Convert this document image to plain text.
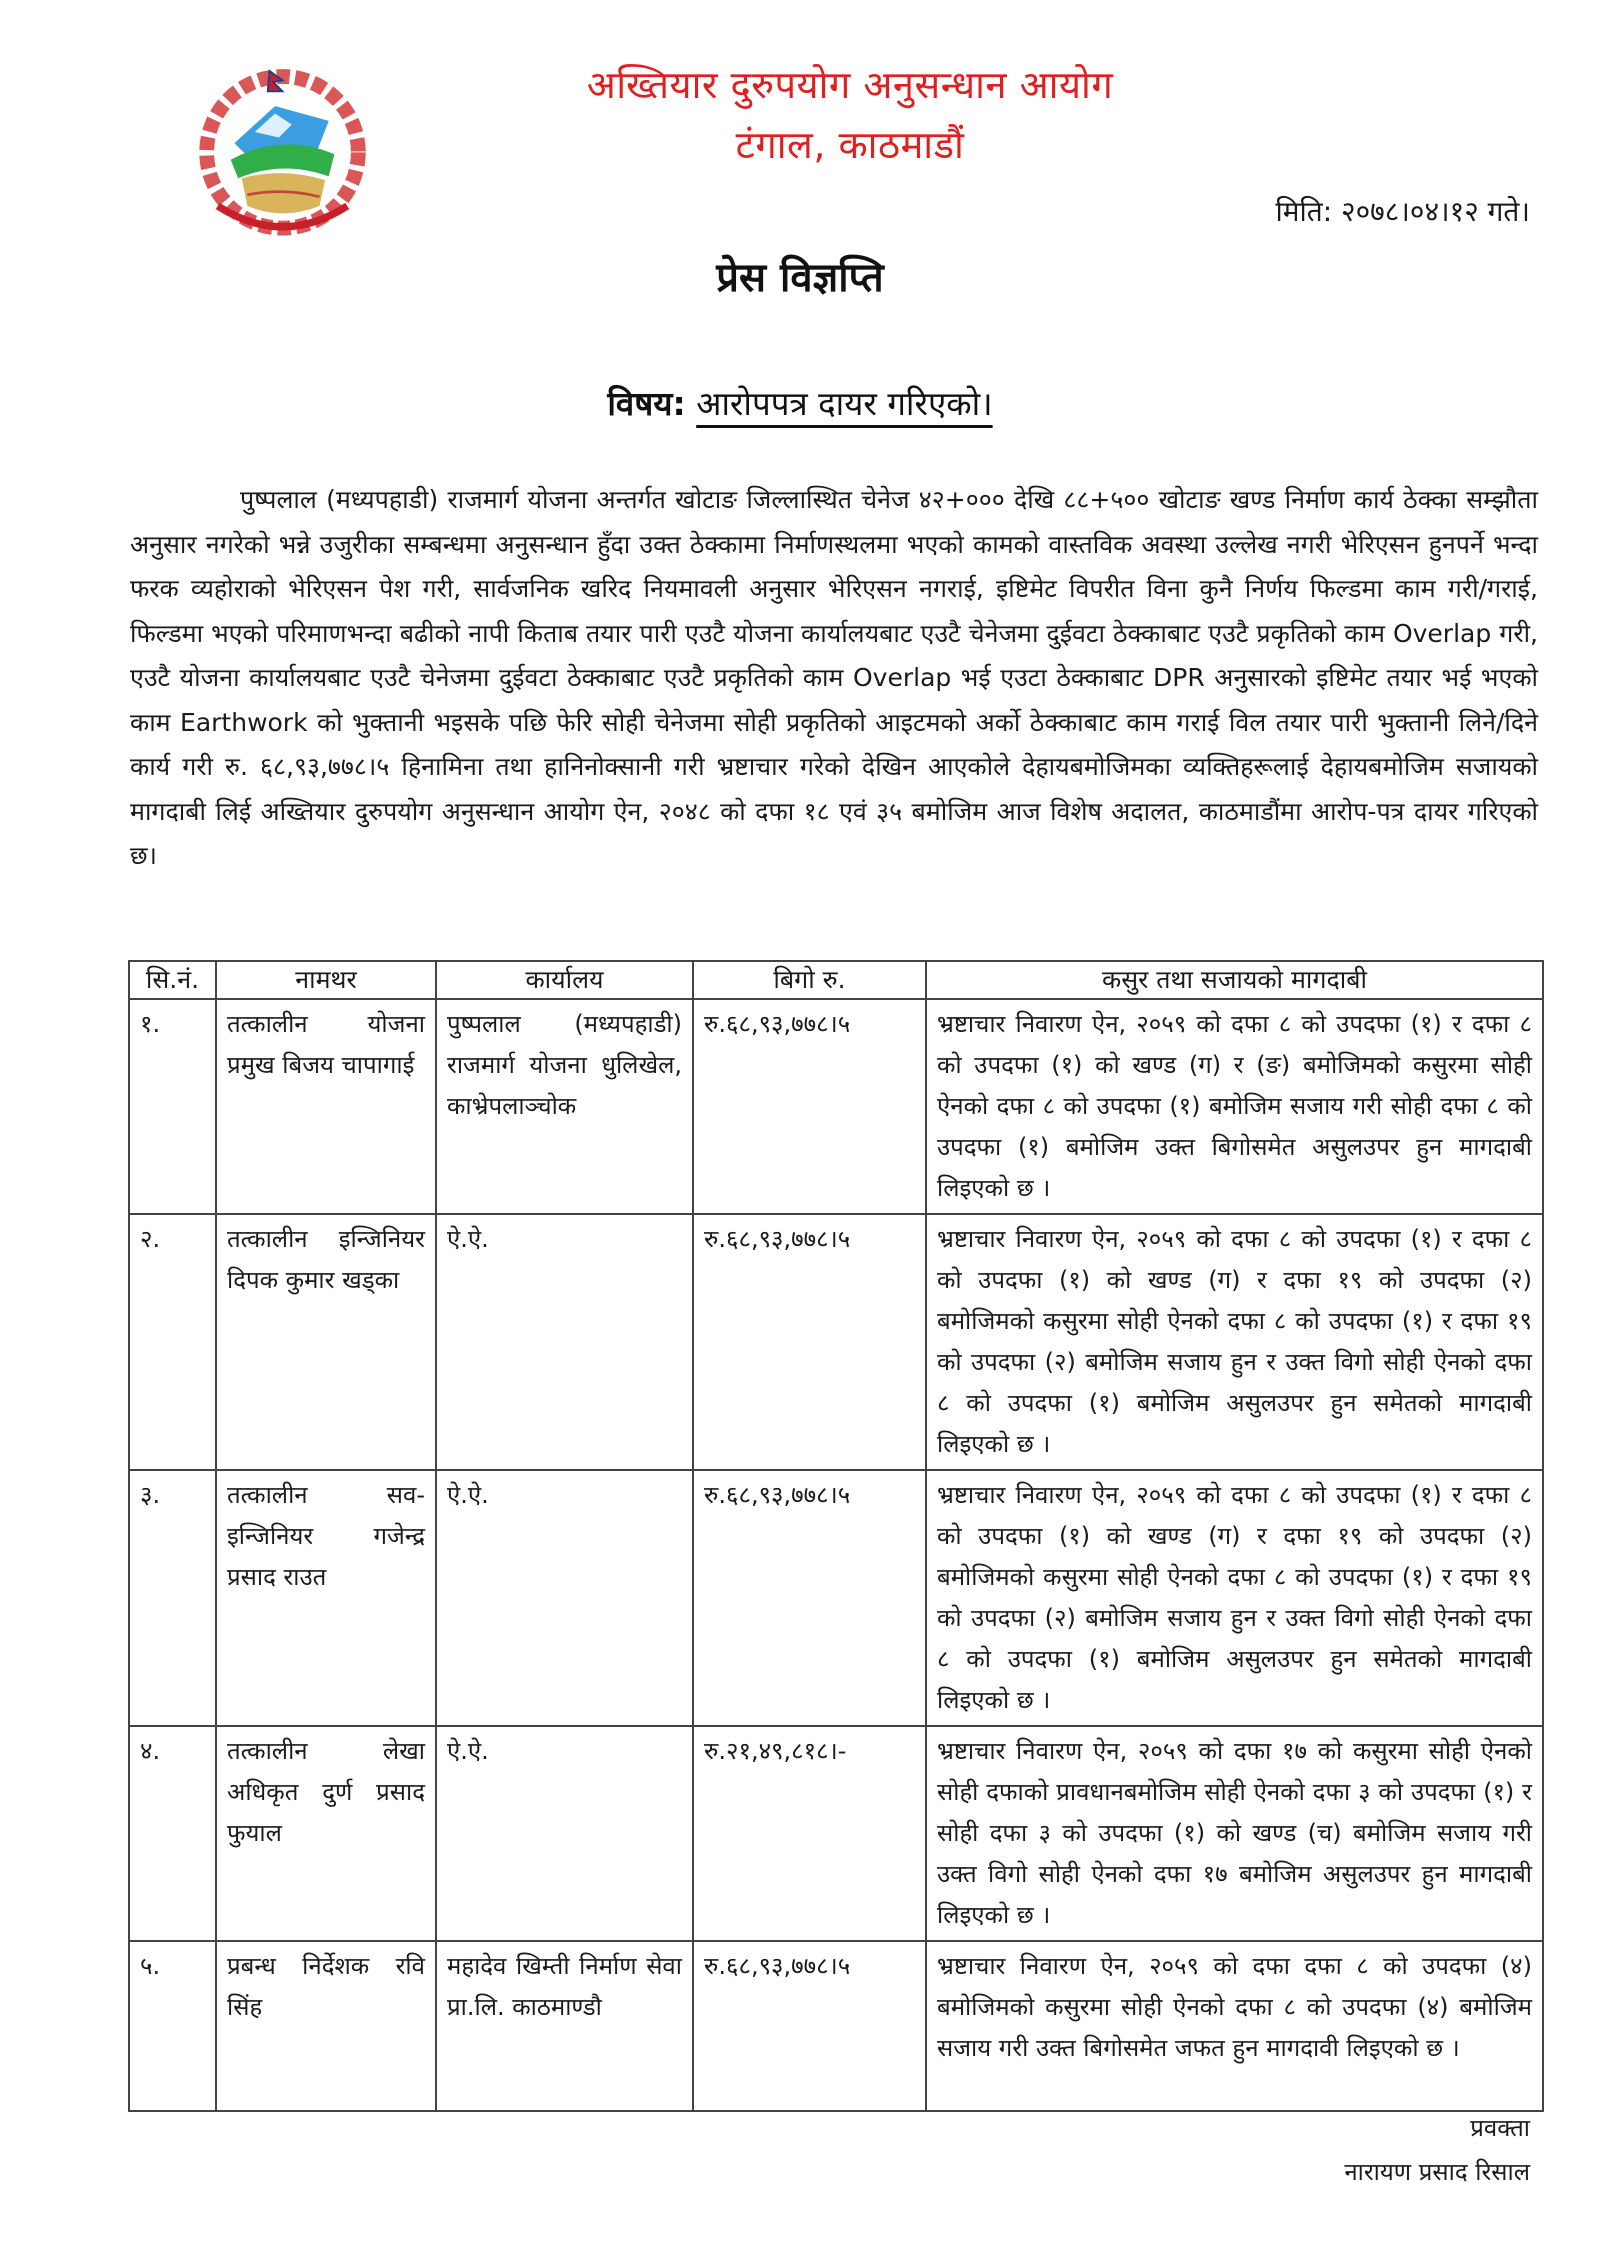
अख्तियार दुरुपयोग अनुसन्धान आयोग
टंगाल, काठमाडौं
मिति: २०७८।०४।१२ गते।
प्रेस विज्ञप्ति
विषय: आरोपपत्र दायर गरिएको।

पुष्पलाल (मध्यपहाडी) राजमार्ग योजना अन्तर्गत खोटाङ जिल्लास्थित चेनेज ४२+००० देखि ८८+५०० खोटाङ खण्ड निर्माण कार्य ठेक्का सम्झौता अनुसार नगरेको भन्ने उजुरीका सम्बन्धमा अनुसन्धान हुँदा उक्त ठेक्कामा निर्माणस्थलमा भएको कामको वास्तविक अवस्था उल्लेख नगरी भेरिएसन हुनपर्ने भन्दा फरक व्यहोराको भेरिएसन पेश गरी, सार्वजनिक खरिद नियमावली अनुसार भेरिएसन नगराई, इष्टिमेट विपरीत विना कुनै निर्णय फिल्डमा काम गरी/गराई, फिल्डमा भएको परिमाणभन्दा बढीको नापी किताब तयार पारी एउटै योजना कार्यालयबाट एउटै चेनेजमा दुईवटा ठेक्काबाट एउटै प्रकृतिको काम Overlap गरी, एउटै योजना कार्यालयबाट एउटै चेनेजमा दुईवटा ठेक्काबाट एउटै प्रकृतिको काम Overlap भई एउटा ठेक्काबाट DPR अनुसारको इष्टिमेट तयार भई भएको काम Earthwork को भुक्तानी भइसके पछि फेरि सोही चेनेजमा सोही प्रकृतिको आइटमको अर्को ठेक्काबाट काम गराई विल तयार पारी भुक्तानी लिने/दिने कार्य गरी रु. ६८,९३,७७८।५ हिनामिना तथा हानिनोक्सानी गरी भ्रष्टाचार गरेको देखिन आएकोले देहायबमोजिमका व्यक्तिहरूलाई देहायबमोजिम सजायको मागदाबी लिई अख्तियार दुरुपयोग अनुसन्धान आयोग ऐन, २०४८ को दफा १८ एवं ३५ बमोजिम आज विशेष अदालत, काठमाडौंमा आरोप-पत्र दायर गरिएको छ।

सि.नं.	नामथर	कार्यालय	बिगो रु.	कसुर तथा सजायको मागदाबी
१.	तत्कालीन योजना प्रमुख बिजय चापागाई	पुष्पलाल (मध्यपहाडी) राजमार्ग योजना धुलिखेल, काभ्रेपलाञ्चोक	रु.६८,९३,७७८।५	भ्रष्टाचार निवारण ऐन, २०५९ को दफा ८ को उपदफा (१) र दफा ८ को उपदफा (१) को खण्ड (ग) र (ङ) बमोजिमको कसुरमा सोही ऐनको दफा ८ को उपदफा (१) बमोजिम सजाय गरी सोही दफा ८ को उपदफा (१) बमोजिम उक्त बिगोसमेत असुलउपर हुन मागदाबी लिइएको छ ।
२.	तत्कालीन इन्जिनियर दिपक कुमार खड्का	ऐ.ऐ.	रु.६८,९३,७७८।५	भ्रष्टाचार निवारण ऐन, २०५९ को दफा ८ को उपदफा (१) र दफा ८ को उपदफा (१) को खण्ड (ग) र दफा १९ को उपदफा (२) बमोजिमको कसुरमा सोही ऐनको दफा ८ को उपदफा (१) र दफा १९ को उपदफा (२) बमोजिम सजाय हुन र उक्त विगो सोही ऐनको दफा ८ को उपदफा (१) बमोजिम असुलउपर हुन समेतको मागदाबी लिइएको छ ।
३.	तत्कालीन सव-इन्जिनियर गजेन्द्र प्रसाद राउत	ऐ.ऐ.	रु.६८,९३,७७८।५	भ्रष्टाचार निवारण ऐन, २०५९ को दफा ८ को उपदफा (१) र दफा ८ को उपदफा (१) को खण्ड (ग) र दफा १९ को उपदफा (२) बमोजिमको कसुरमा सोही ऐनको दफा ८ को उपदफा (१) र दफा १९ को उपदफा (२) बमोजिम सजाय हुन र उक्त विगो सोही ऐनको दफा ८ को उपदफा (१) बमोजिम असुलउपर हुन समेतको मागदाबी लिइएको छ ।
४.	तत्कालीन लेखा अधिकृत दुर्ण प्रसाद फुयाल	ऐ.ऐ.	रु.२१,४९,८१८।-	भ्रष्टाचार निवारण ऐन, २०५९ को दफा १७ को कसुरमा सोही ऐनको सोही दफाको प्रावधानबमोजिम सोही ऐनको दफा ३ को उपदफा (१) र सोही दफा ३ को उपदफा (१) को खण्ड (च) बमोजिम सजाय गरी उक्त विगो सोही ऐनको दफा १७ बमोजिम असुलउपर हुन मागदाबी लिइएको छ ।
५.	प्रबन्ध निर्देशक रवि सिंह	महादेव खिम्ती निर्माण सेवा प्रा.लि. काठमाण्डौ	रु.६८,९३,७७८।५	भ्रष्टाचार निवारण ऐन, २०५९ को दफा दफा ८ को उपदफा (४) बमोजिमको कसुरमा सोही ऐनको दफा ८ को उपदफा (४) बमोजिम सजाय गरी उक्त बिगोसमेत जफत हुन मागदावी लिइएको छ ।
प्रवक्ता
नारायण प्रसाद रिसाल
